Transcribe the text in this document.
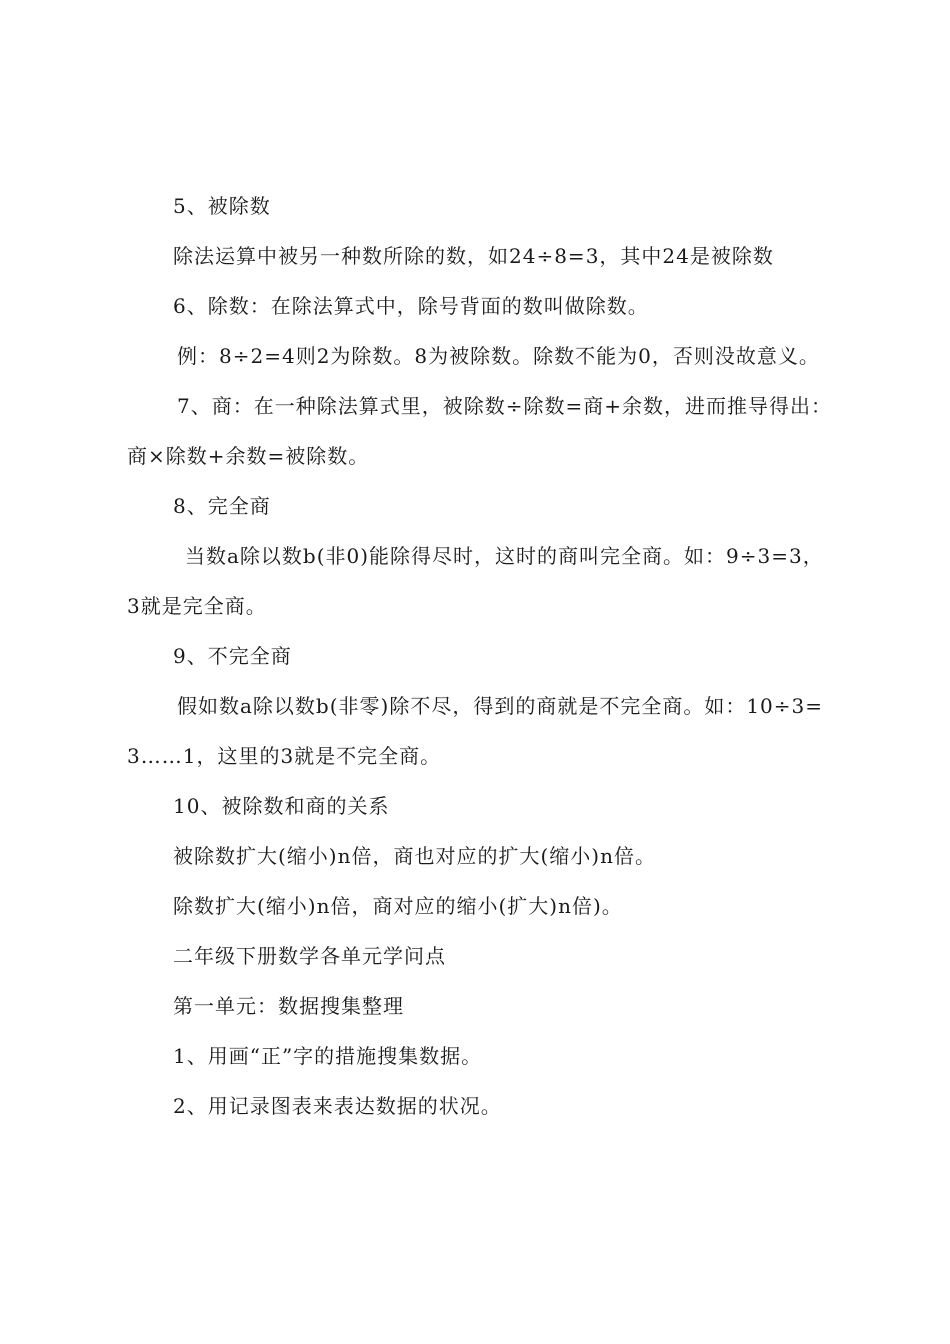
5、被除数

除法运算中被另一种数所除的数，如24÷8=3，其中24是被除数

6、除数：在除法算式中，除号背面的数叫做除数。

例：8÷2=4则2为除数。8为被除数。除数不能为0，否则没故意义。

7、商：在一种除法算式里，被除数÷除数=商+余数，进而推导得出：商×除数+余数=被除数。

8、完全商

当数a除以数b(非0)能除得尽时，这时的商叫完全商。如：9÷3=3，3就是完全商。

9、不完全商

假如数a除以数b(非零)除不尽，得到的商就是不完全商。如：10÷3=3……1，这里的3就是不完全商。

10、被除数和商的关系

被除数扩大(缩小)n倍，商也对应的扩大(缩小)n倍。

除数扩大(缩小)n倍，商对应的缩小(扩大)n倍)。

二年级下册数学各单元学问点

第一单元：数据搜集整理

1、用画“正”字的措施搜集数据。

2、用记录图表来表达数据的状况。
